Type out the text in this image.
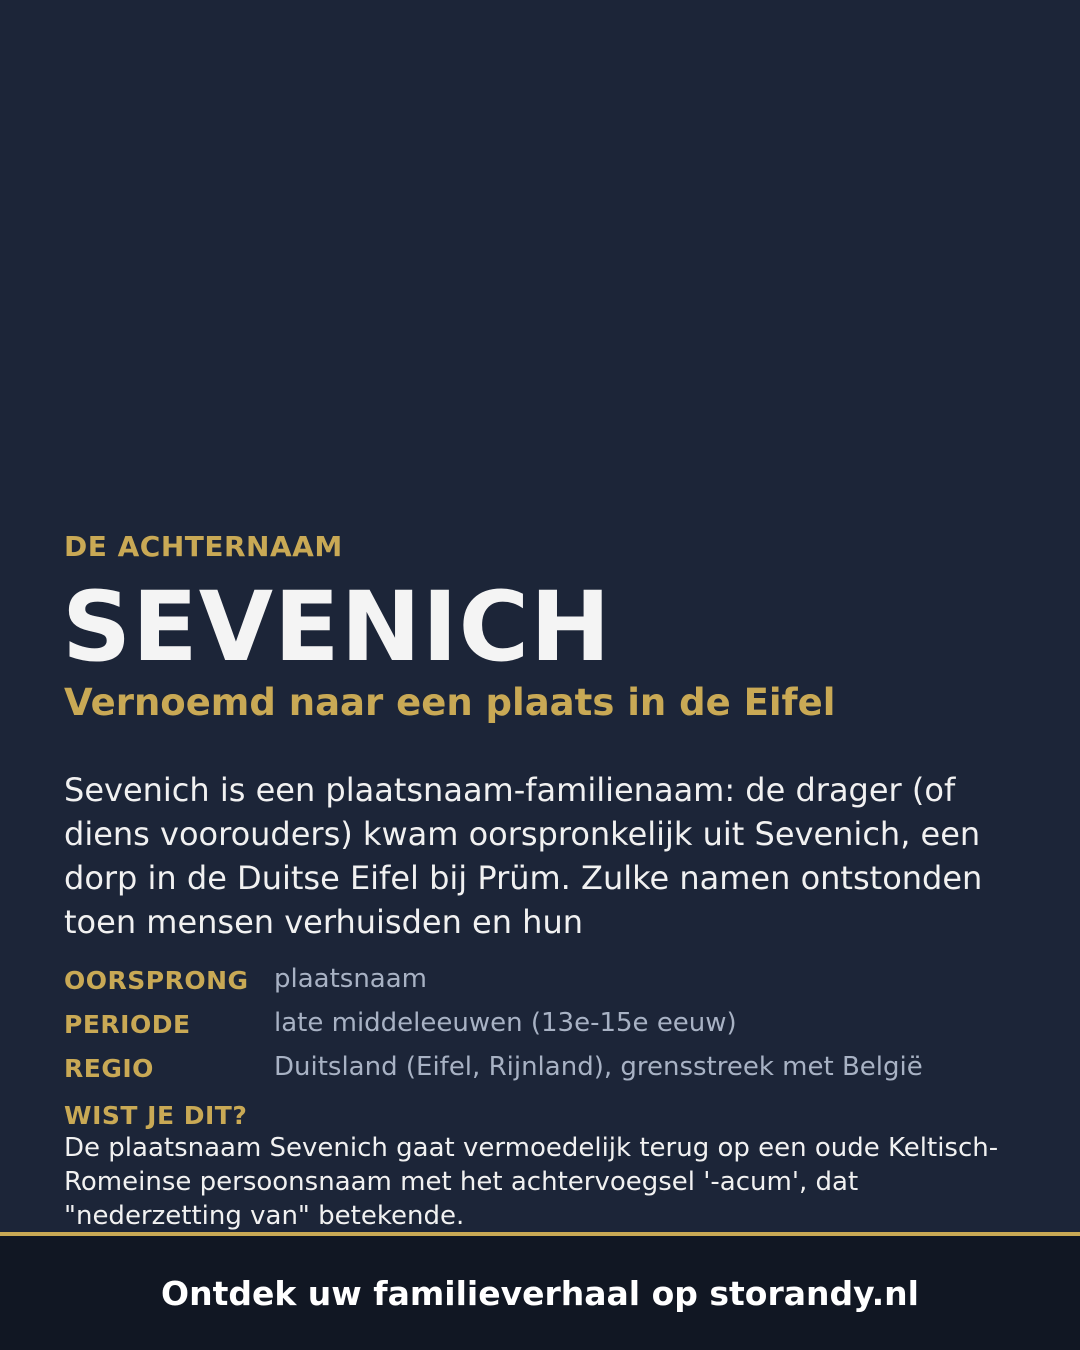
DE ACHTERNAAM
SEVENICH
Vernoemd naar een plaats in de Eifel
Sevenich is een plaatsnaam-familienaam: de drager (of diens voorouders) kwam oorspronkelijk uit Sevenich, een dorp in de Duitse Eifel bij Prüm. Zulke namen ontstonden toen mensen verhuisden en hun
OORSPRONG plaatsnaam
PERIODE	late middeleeuwen (13e-15e eeuw)
REGIO	Duitsland (Eifel, Rijnland), grensstreek met België
WIST JE DIT?
De plaatsnaam Sevenich gaat vermoedelijk terug op een oude Keltisch-Romeinse persoonsnaam met het achtervoegsel '-acum', dat "nederzetting van" betekende.
Ontdek uw familieverhaal op storandy.nl
